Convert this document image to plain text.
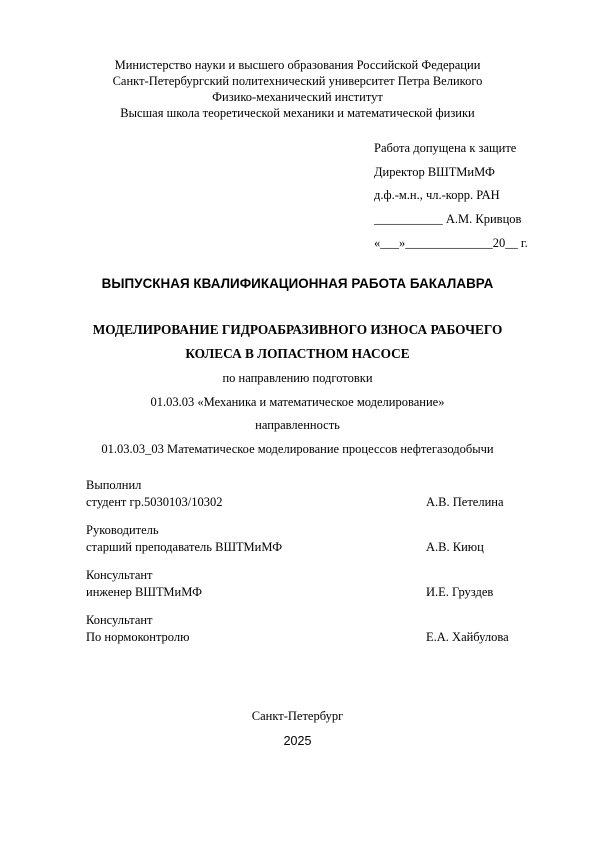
Министерство науки и высшего образования Российской Федерации
Санкт-Петербургский политехнический университет Петра Великого
Физико-механический институт
Высшая школа теоретической механики и математической физики
Работа допущена к защите
Директор ВШТМиМФ
д.ф.-м.н., чл.-корр. РАН
___________ А.М. Кривцов
«___»______________20__ г.
ВЫПУСКНАЯ КВАЛИФИКАЦИОННАЯ РАБОТА БАКАЛАВРА
МОДЕЛИРОВАНИЕ ГИДРОАБРАЗИВНОГО ИЗНОСА РАБОЧЕГО
КОЛЕСА В ЛОПАСТНОМ НАСОСЕ
по направлению подготовки
01.03.03 «Механика и математическое моделирование»
направленность
01.03.03_03 Математическое моделирование процессов нефтегазодобычи
Выполнил
студент гр.5030103/10302	А.В. Петелина
Руководитель
старший преподаватель ВШТМиМФ	А.В. Киюц
Консультант
инженер ВШТМиМФ	И.Е. Груздев
Консультант
По нормоконтролю	Е.А. Хайбулова
Санкт-Петербург
2025
